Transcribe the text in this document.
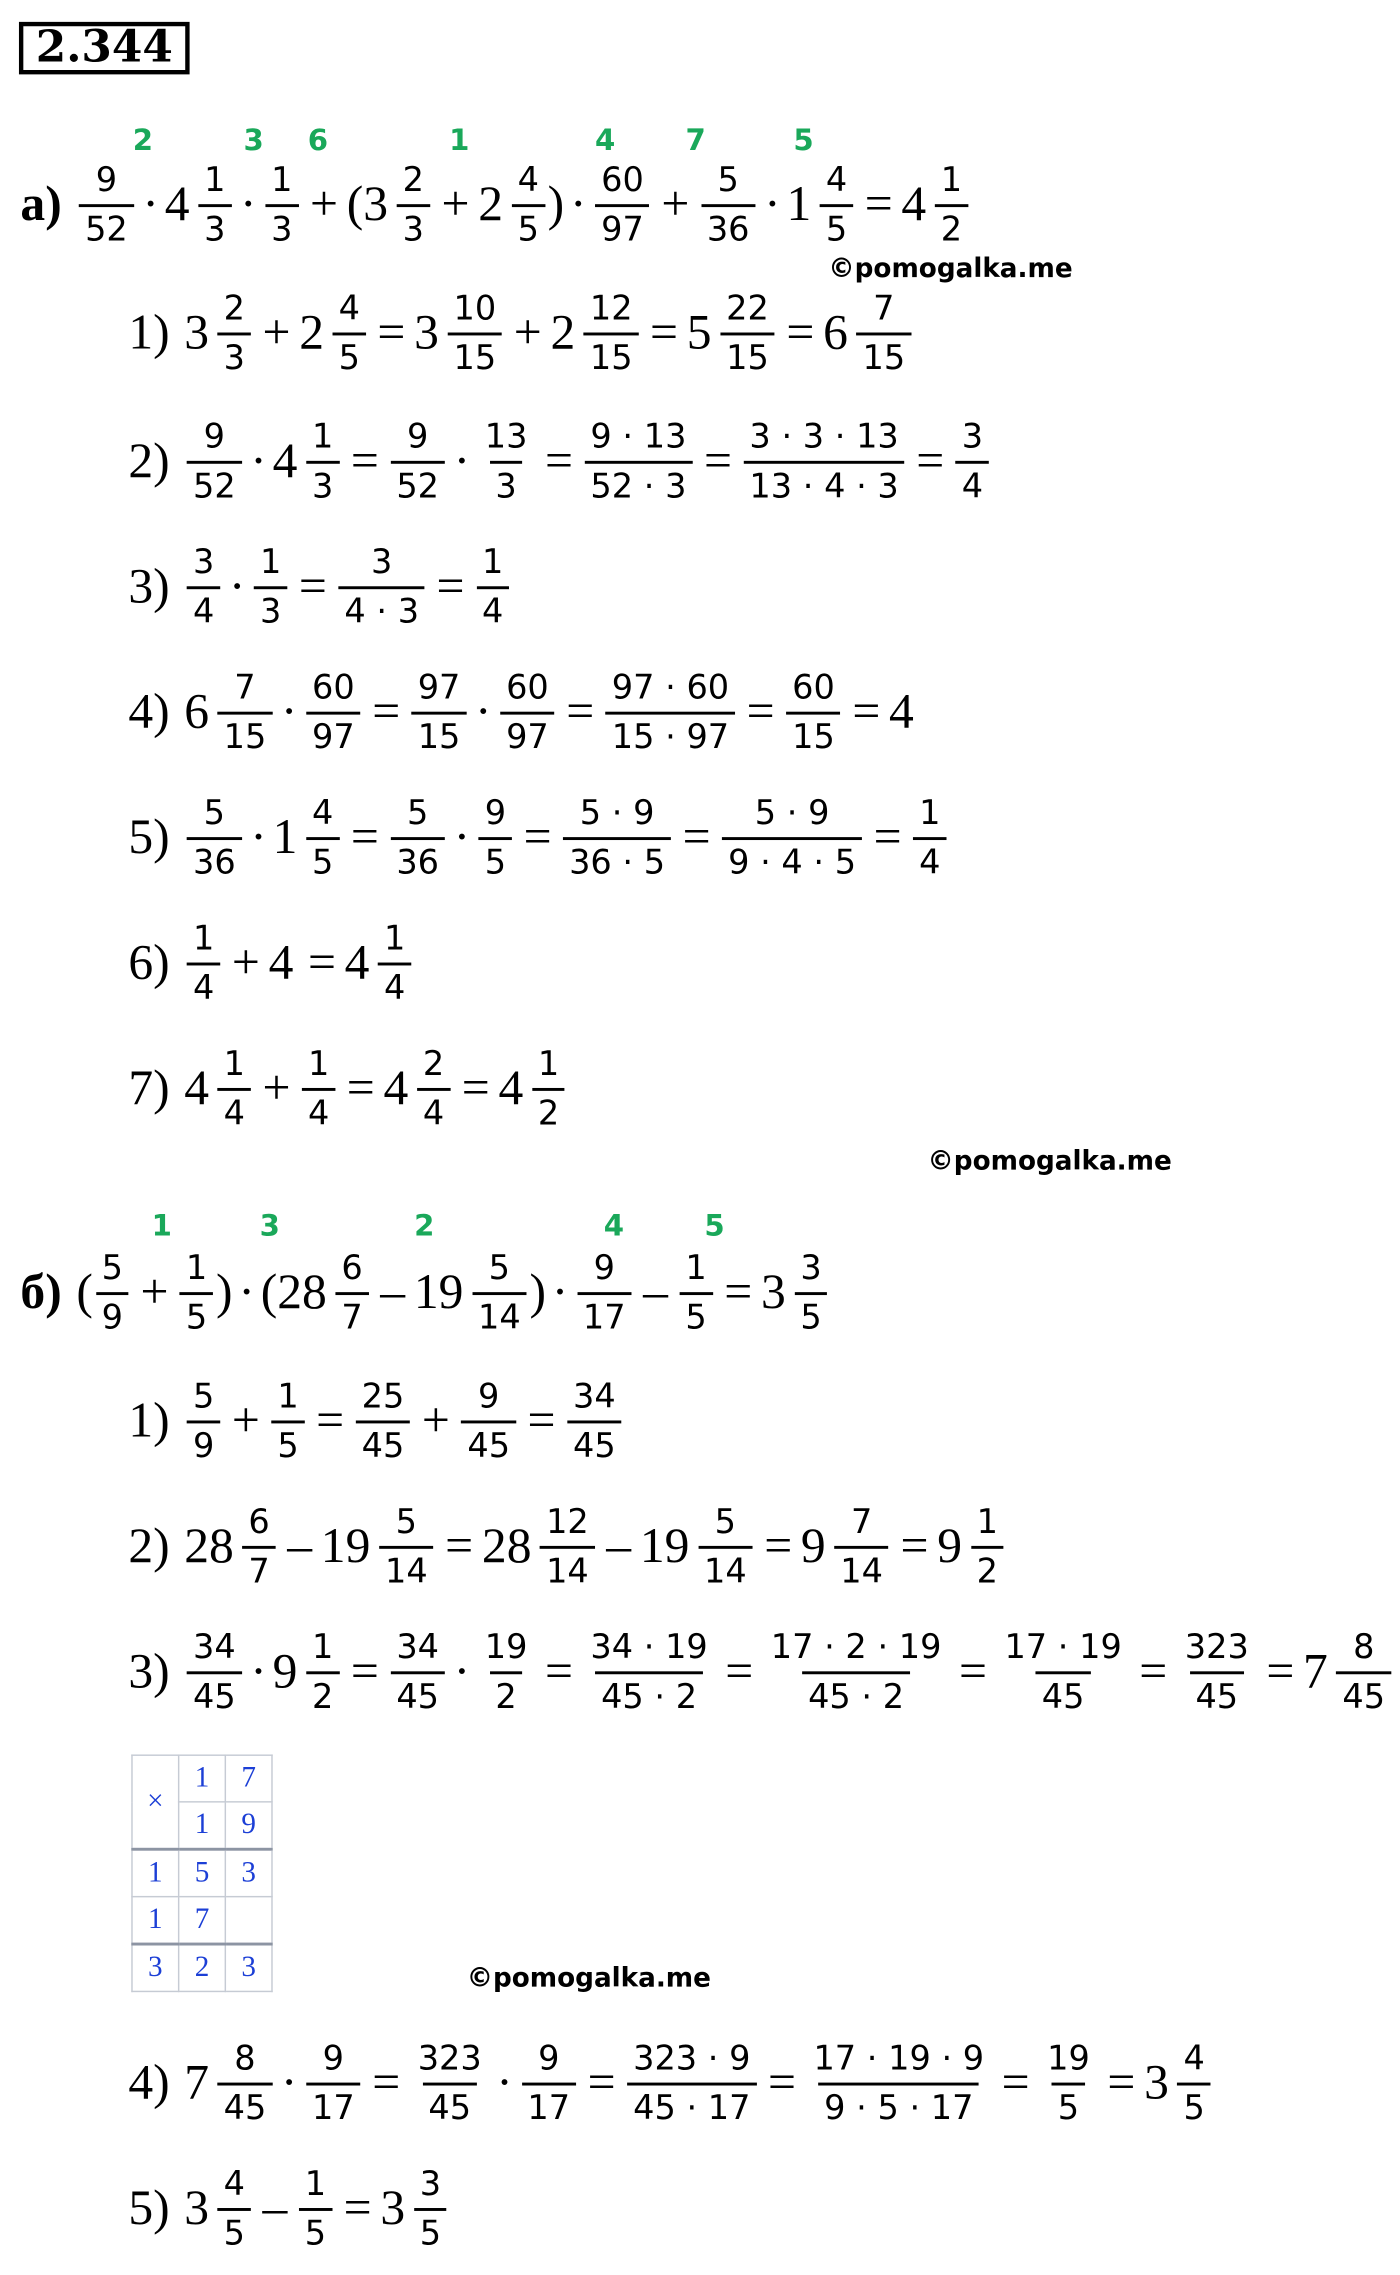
2.344
2	3 6	1	4	7	5
$а) \frac{9}{52} \cdot 4 \frac{1}{3} \cdot \frac{1}{3}$ + ( $3 \frac{2}{3} + 2 \frac{4}{5}$ ) · $\frac{60}{97} + \frac{5}{36} \cdot 1 \frac{4}{5} = 4 \frac{1}{2}$
©pomogalka.me
1) $3 \frac{2}{3} + 2 \frac{4}{5} = 3 \frac{10}{15} + 2 \frac{12}{15} = 5 \frac{22}{15} = 6 \frac{7}{15}$
$2) \frac{9}{52} \cdot 4 \frac{1}{3} = \frac{9}{52} \cdot \frac{13}{3} = \frac{9 \cdot 13}{52 \cdot 3} = \frac{3 \cdot 3 \cdot 13}{13 \cdot 4 \cdot 3} = \frac{3}{4}$
$3) \frac{3}{4} \cdot \frac{1}{3} = \frac{3}{4 \cdot 3} = \frac{1}{4}$
4) $6 \frac{7}{15} \cdot \frac{60}{97} = \frac{97}{15} \cdot \frac{60}{97} = \frac{97 \cdot 60}{15 \cdot 97} = \frac{60}{15} = 4$
$5) \frac{5}{36} \cdot 1 \frac{4}{5} = \frac{5}{36} \cdot \frac{9}{5} = \frac{5 \cdot 9}{36 \cdot 5} = \frac{5 \cdot 9}{9 \cdot 4 \cdot 5} = \frac{1}{4}$
$6) \frac{1}{4} + 4 = 4 \frac{1}{4}$
7) $4 \frac{1}{4} + \frac{1}{4} = 4 \frac{2}{4} = 4 \frac{1}{2}$
©pomogalka.me
1	3	2	4	5
б) ( $\frac{5}{9} + \frac{1}{5}$ ) · ( $28 \frac{6}{7} - 19 \frac{5}{14}$ ) · $\frac{9}{17} - \frac{1}{5} = 3 \frac{3}{5}$
$1) \frac{5}{9} + \frac{1}{5} = \frac{25}{45} + \frac{9}{45} = \frac{34}{45}$
2) $28 \frac{6}{7} - 19 \frac{5}{14} = 28 \frac{12}{14} - 19 \frac{5}{14} = 9 \frac{7}{14} = 9 \frac{1}{2}$
$3) \frac{34}{45} \cdot 9 \frac{1}{2} = \frac{34}{45} \cdot \frac{19}{2} = \frac{34 \cdot 19}{45 \cdot 2} = \frac{17 \cdot 2 \cdot 19}{45 \cdot 2} = \frac{17 \cdot 19}{45} = \frac{323}{45} = 7 \frac{8}{45}$
×	1	7
	1	9
1	5	3
1	7	
3	2	3	©pomogalka.me
4) $7 \frac{8}{45} \cdot \frac{9}{17} = \frac{323}{45} \cdot \frac{9}{17} = \frac{323 \cdot 9}{45 \cdot 17} = \frac{17 \cdot 19 \cdot 9}{9 \cdot 5 \cdot 17} = \frac{19}{5} = 3 \frac{4}{5}$
5) $3 \frac{4}{5} - \frac{1}{5} = 3 \frac{3}{5}$
